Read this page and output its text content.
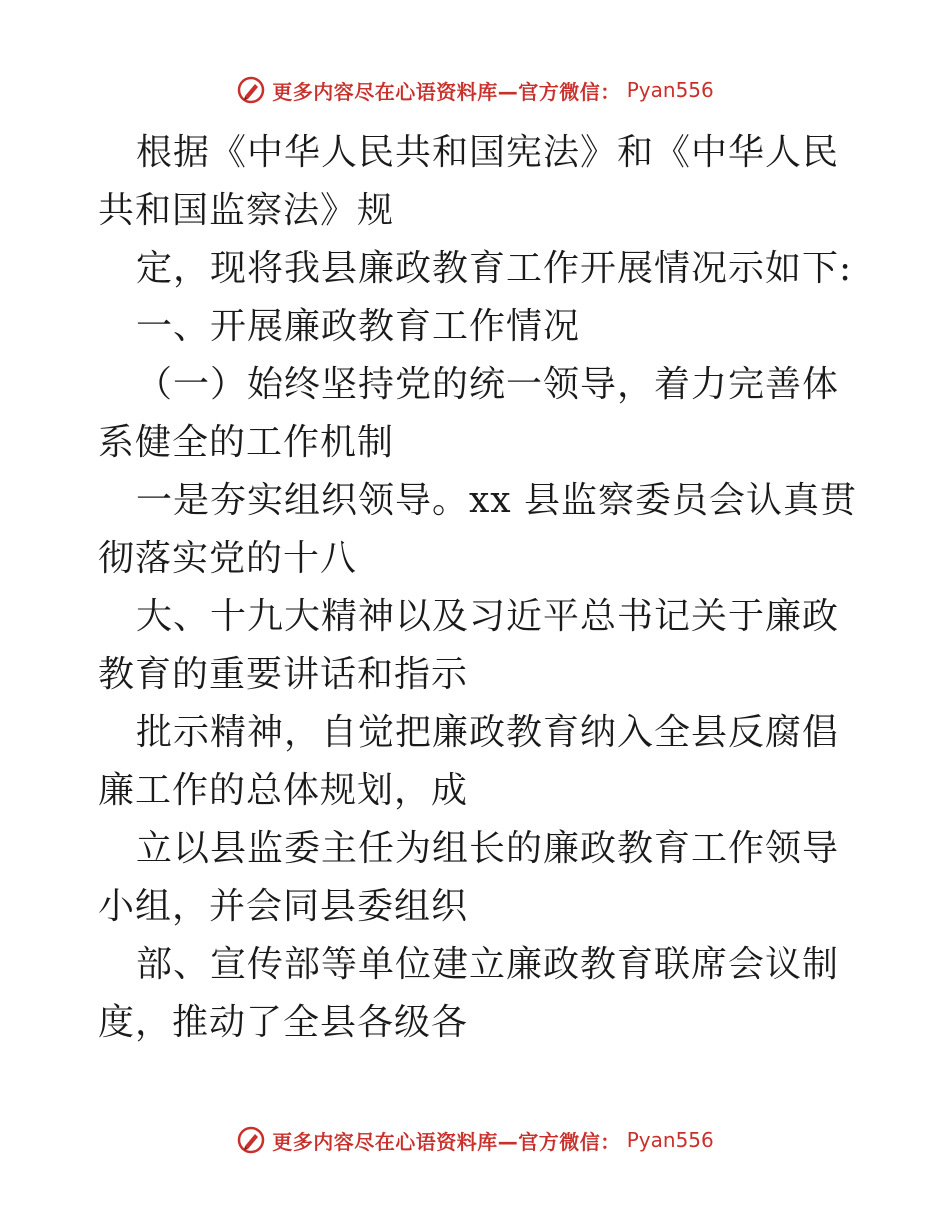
更多内容尽在心语资料库—官方微信： Pyan556

根据《中华人民共和国宪法》和《中华人民共和国监察法》规

定，现将我县廉政教育工作开展情况示如下:

一、开展廉政教育工作情况

（一）始终坚持党的统一领导，着力完善体系健全的工作机制

一是夯实组织领导。xx 县监察委员会认真贯彻落实党的十八

大、十九大精神以及习近平总书记关于廉政教育的重要讲话和指示

批示精神，自觉把廉政教育纳入全县反腐倡廉工作的总体规划，成

立以县监委主任为组长的廉政教育工作领导小组，并会同县委组织

部、宣传部等单位建立廉政教育联席会议制度，推动了全县各级各

更多内容尽在心语资料库—官方微信： Pyan556
